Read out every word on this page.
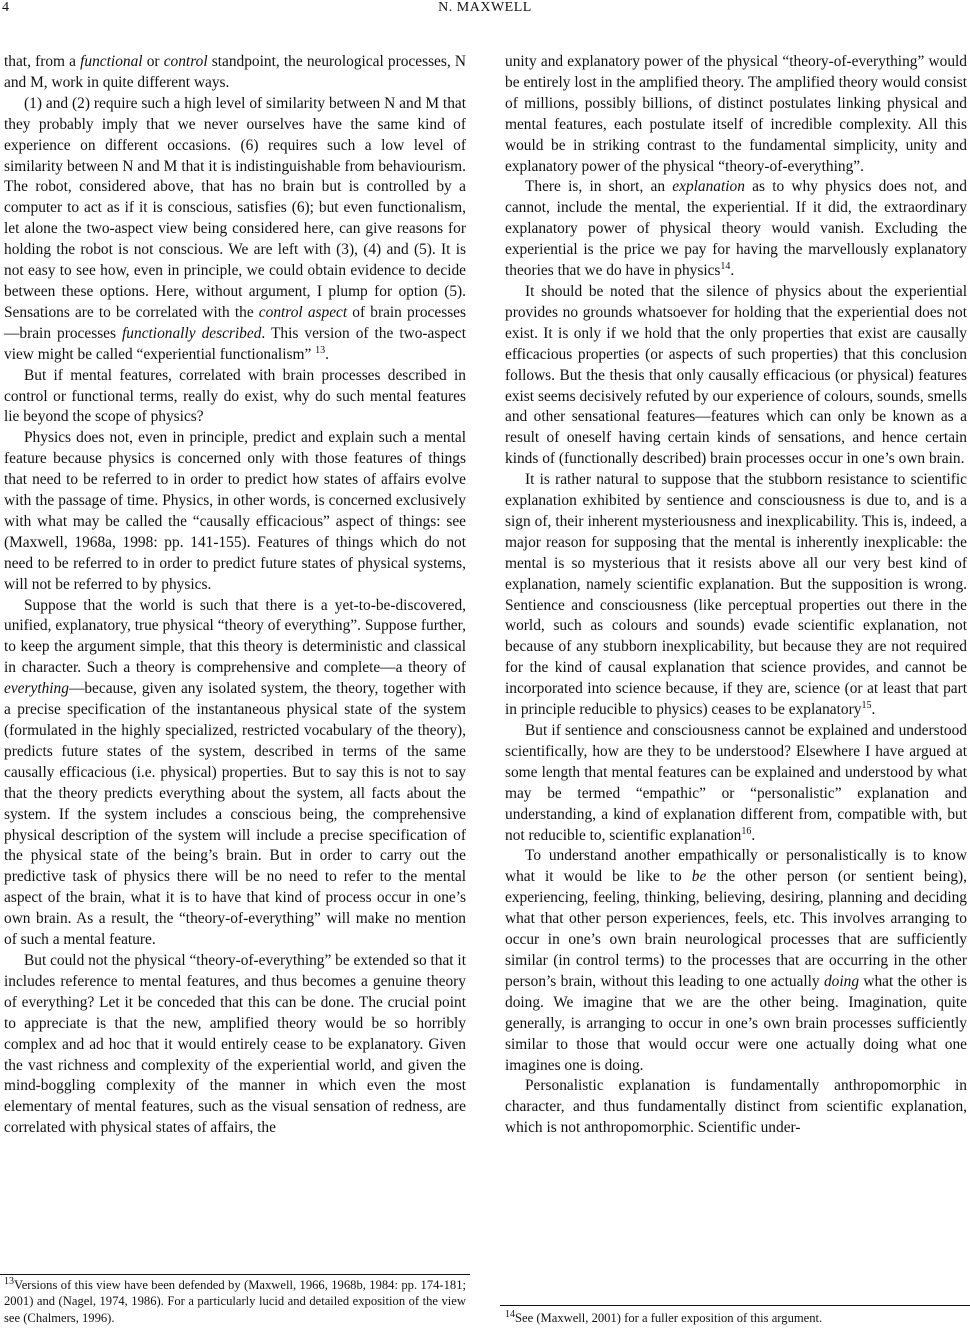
4	N. MAXWELL

that, from a functional or control standpoint, the neurological processes, N and M, work in quite different ways.

(1) and (2) require such a high level of similarity between N and M that they probably imply that we never ourselves have the same kind of experience on different occasions. (6) requires such a low level of similarity between N and M that it is indistinguishable from behaviourism. The robot, considered above, that has no brain but is controlled by a computer to act as if it is conscious, satisfies (6); but even functionalism, let alone the two-aspect view being considered here, can give reasons for holding the robot is not conscious. We are left with (3), (4) and (5). It is not easy to see how, even in principle, we could obtain evidence to decide between these options. Here, without argument, I plump for option (5). Sensations are to be correlated with the control aspect of brain processes—brain processes functionally described. This version of the two-aspect view might be called “experiential functionalism” $^{13}$.

But if mental features, correlated with brain processes described in control or functional terms, really do exist, why do such mental features lie beyond the scope of physics?

Physics does not, even in principle, predict and explain such a mental feature because physics is concerned only with those features of things that need to be referred to in order to predict how states of affairs evolve with the passage of time. Physics, in other words, is concerned exclusively with what may be called the “causally efficacious” aspect of things: see (Maxwell, 1968a, 1998: pp. 141-155). Features of things which do not need to be referred to in order to predict future states of physical systems, will not be referred to by physics.

Suppose that the world is such that there is a yet-to-be-discovered, unified, explanatory, true physical “theory of everything”. Suppose further, to keep the argument simple, that this theory is deterministic and classical in character. Such a theory is comprehensive and complete—a theory of everything—because, given any isolated system, the theory, together with a precise specification of the instantaneous physical state of the system (formulated in the highly specialized, restricted vocabulary of the theory), predicts future states of the system, described in terms of the same causally efficacious (i.e. physical) properties. But to say this is not to say that the theory predicts everything about the system, all facts about the system. If the system includes a conscious being, the comprehensive physical description of the system will include a precise specification of the physical state of the being’s brain. But in order to carry out the predictive task of physics there will be no need to refer to the mental aspect of the brain, what it is to have that kind of process occur in one’s own brain. As a result, the “theory-of-everything” will make no mention of such a mental feature.

But could not the physical “theory-of-everything” be extended so that it includes reference to mental features, and thus becomes a genuine theory of everything? Let it be conceded that this can be done. The crucial point to appreciate is that the new, amplified theory would be so horribly complex and ad hoc that it would entirely cease to be explanatory. Given the vast richness and complexity of the experiential world, and given the mind-boggling complexity of the manner in which even the most elementary of mental features, such as the visual sensation of redness, are correlated with physical states of affairs, the

unity and explanatory power of the physical “theory-of-everything” would be entirely lost in the amplified theory. The amplified theory would consist of millions, possibly billions, of distinct postulates linking physical and mental features, each postulate itself of incredible complexity. All this would be in striking contrast to the fundamental simplicity, unity and explanatory power of the physical “theory-of-everything”.

There is, in short, an explanation as to why physics does not, and cannot, include the mental, the experiential. If it did, the extraordinary explanatory power of physical theory would vanish. Excluding the experiential is the price we pay for having the marvellously explanatory theories that we do have in physics$^{14}$.

It should be noted that the silence of physics about the experiential provides no grounds whatsoever for holding that the experiential does not exist. It is only if we hold that the only properties that exist are causally efficacious properties (or aspects of such properties) that this conclusion follows. But the thesis that only causally efficacious (or physical) features exist seems decisively refuted by our experience of colours, sounds, smells and other sensational features—features which can only be known as a result of oneself having certain kinds of sensations, and hence certain kinds of (functionally described) brain processes occur in one’s own brain.

It is rather natural to suppose that the stubborn resistance to scientific explanation exhibited by sentience and consciousness is due to, and is a sign of, their inherent mysteriousness and inexplicability. This is, indeed, a major reason for supposing that the mental is inherently inexplicable: the mental is so mysterious that it resists above all our very best kind of explanation, namely scientific explanation. But the supposition is wrong. Sentience and consciousness (like perceptual properties out there in the world, such as colours and sounds) evade scientific explanation, not because of any stubborn inexplicability, but because they are not required for the kind of causal explanation that science provides, and cannot be incorporated into science because, if they are, science (or at least that part in principle reducible to physics) ceases to be explanatory$^{15}$.

But if sentience and consciousness cannot be explained and understood scientifically, how are they to be understood? Elsewhere I have argued at some length that mental features can be explained and understood by what may be termed “empathic” or “personalistic” explanation and understanding, a kind of explanation different from, compatible with, but not reducible to, scientific explanation$^{16}$.

To understand another empathically or personalistically is to know what it would be like to be the other person (or sentient being), experiencing, feeling, thinking, believing, desiring, planning and deciding what that other person experiences, feels, etc. This involves arranging to occur in one’s own brain neurological processes that are sufficiently similar (in control terms) to the processes that are occurring in the other person’s brain, without this leading to one actually doing what the other is doing. We imagine that we are the other being. Imagination, quite generally, is arranging to occur in one’s own brain processes sufficiently similar to those that would occur were one actually doing what one imagines one is doing.

Personalistic explanation is fundamentally anthropomorphic in character, and thus fundamentally distinct from scientific explanation, which is not anthropomorphic. Scientific under-

$^{13}$Versions of this view have been defended by (Maxwell, 1966, 1968b, 1984: pp. 174-181; 2001) and (Nagel, 1974, 1986). For a particularly lucid and detailed exposition of the view see (Chalmers, 1996).	$^{14}$See (Maxwell, 2001) for a fuller exposition of this argument.
